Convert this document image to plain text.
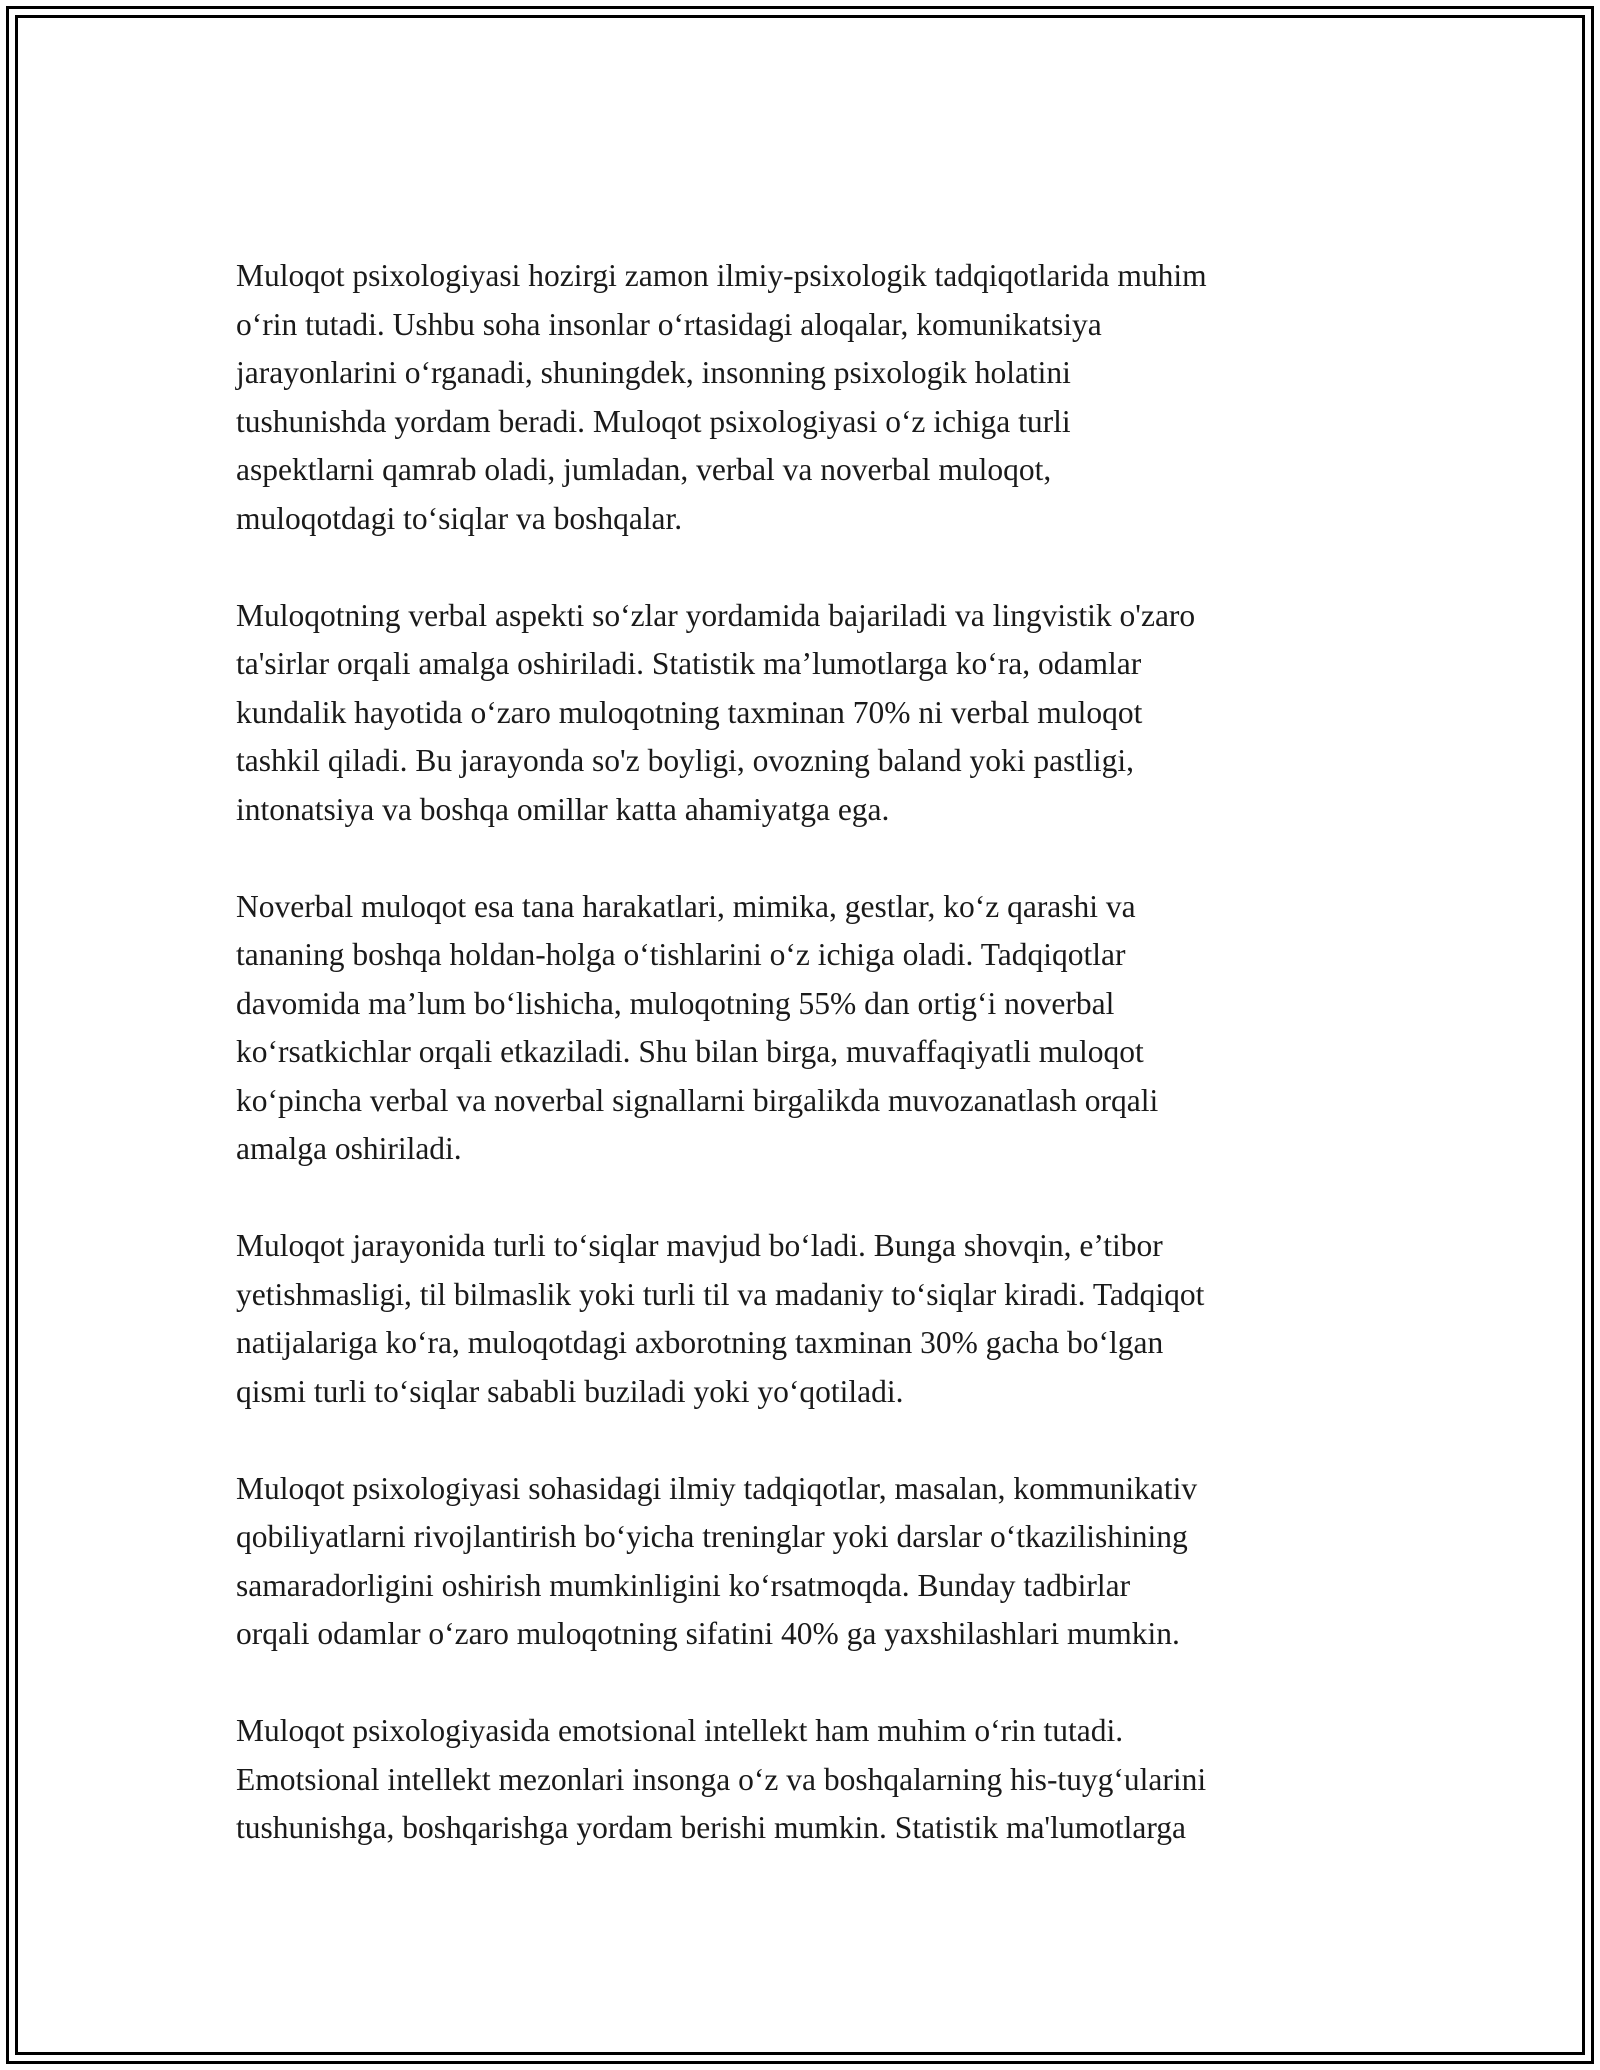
Muloqot psixologiyasi hozirgi zamon ilmiy-psixologik tadqiqotlarida muhim
o‘rin tutadi. Ushbu soha insonlar o‘rtasidagi aloqalar, komunikatsiya
jarayonlarini o‘rganadi, shuningdek, insonning psixologik holatini
tushunishda yordam beradi. Muloqot psixologiyasi o‘z ichiga turli
aspektlarni qamrab oladi, jumladan, verbal va noverbal muloqot,
muloqotdagi to‘siqlar va boshqalar.

Muloqotning verbal aspekti so‘zlar yordamida bajariladi va lingvistik o'zaro
ta'sirlar orqali amalga oshiriladi. Statistik ma’lumotlarga ko‘ra, odamlar
kundalik hayotida o‘zaro muloqotning taxminan 70% ni verbal muloqot
tashkil qiladi. Bu jarayonda so'z boyligi, ovozning baland yoki pastligi,
intonatsiya va boshqa omillar katta ahamiyatga ega.

Noverbal muloqot esa tana harakatlari, mimika, gestlar, ko‘z qarashi va
tananing boshqa holdan-holga o‘tishlarini o‘z ichiga oladi. Tadqiqotlar
davomida ma’lum bo‘lishicha, muloqotning 55% dan ortig‘i noverbal
ko‘rsatkichlar orqali etkaziladi. Shu bilan birga, muvaffaqiyatli muloqot
ko‘pincha verbal va noverbal signallarni birgalikda muvozanatlash orqali
amalga oshiriladi.

Muloqot jarayonida turli to‘siqlar mavjud bo‘ladi. Bunga shovqin, e’tibor
yetishmasligi, til bilmaslik yoki turli til va madaniy to‘siqlar kiradi. Tadqiqot
natijalariga ko‘ra, muloqotdagi axborotning taxminan 30% gacha bo‘lgan
qismi turli to‘siqlar sababli buziladi yoki yo‘qotiladi.

Muloqot psixologiyasi sohasidagi ilmiy tadqiqotlar, masalan, kommunikativ
qobiliyatlarni rivojlantirish bo‘yicha treninglar yoki darslar o‘tkazilishining
samaradorligini oshirish mumkinligini ko‘rsatmoqda. Bunday tadbirlar
orqali odamlar o‘zaro muloqotning sifatini 40% ga yaxshilashlari mumkin.

Muloqot psixologiyasida emotsional intellekt ham muhim o‘rin tutadi.
Emotsional intellekt mezonlari insonga o‘z va boshqalarning his-tuyg‘ularini
tushunishga, boshqarishga yordam berishi mumkin. Statistik ma'lumotlarga
